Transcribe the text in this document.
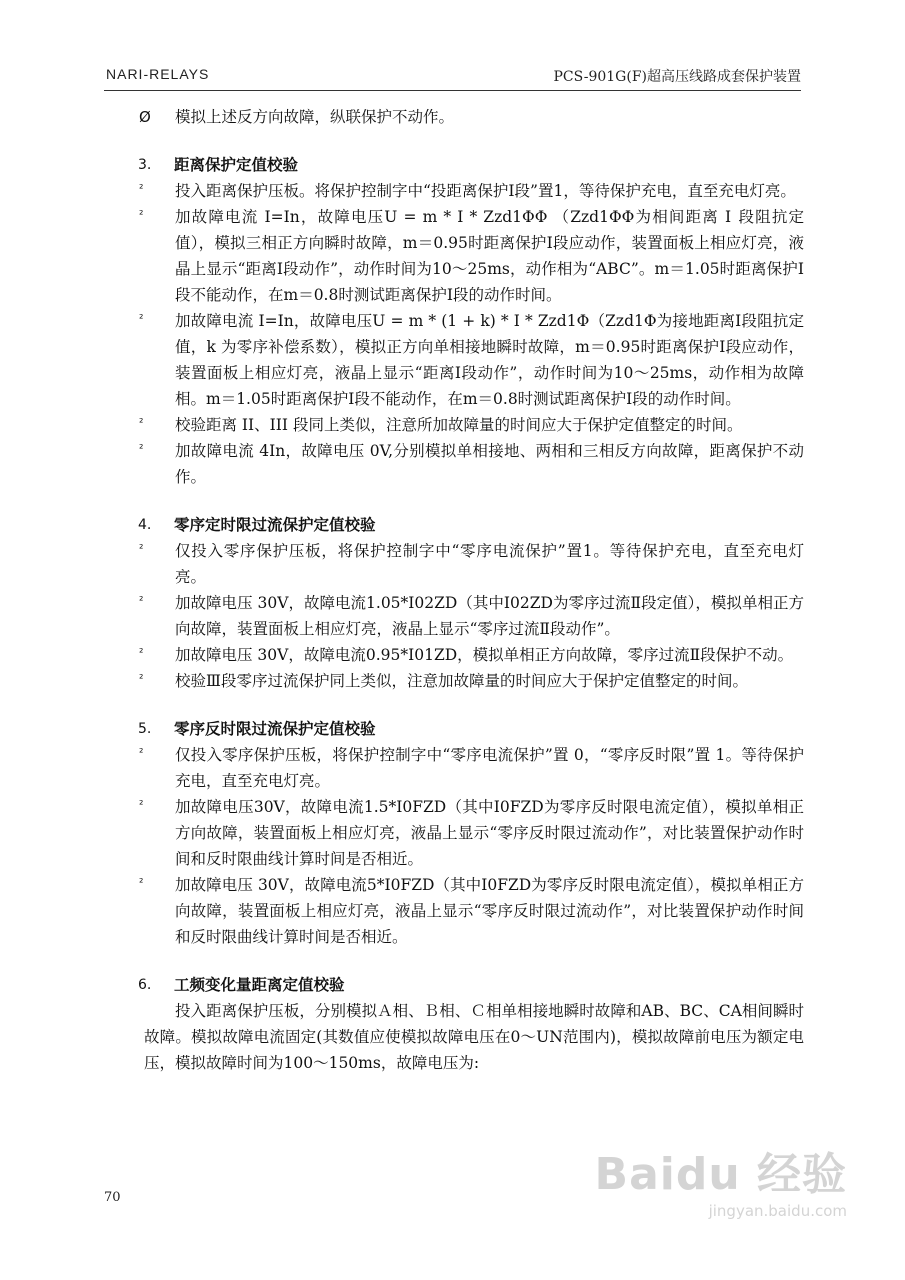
NARI-RELAYS	PCS-901G(F)超高压线路成套保护装置
Ø	模拟上述反方向故障，纵联保护不动作。
3.	距离保护定值校验
²	投入距离保护压板。将保护控制字中“投距离保护Ⅰ段”置1，等待保护充电，直至充电灯亮。
²	加故障电流 I=In，故障电压U = m * I * Zzd1ΦΦ （Zzd1ΦΦ为相间距离 Ⅰ 段阻抗定值），模拟三相正方向瞬时故障，m＝0.95时距离保护Ⅰ段应动作，装置面板上相应灯亮，液晶上显示“距离Ⅰ段动作”，动作时间为10～25ms，动作相为“ABC”。m＝1.05时距离保护Ⅰ段不能动作，在m＝0.8时测试距离保护Ⅰ段的动作时间。
²	加故障电流 I=In，故障电压U = m * (1 + k) * I * Zzd1Φ（Zzd1Φ为接地距离Ⅰ段阻抗定值，k 为零序补偿系数），模拟正方向单相接地瞬时故障，m＝0.95时距离保护Ⅰ段应动作，装置面板上相应灯亮，液晶上显示“距离Ⅰ段动作”，动作时间为10～25ms，动作相为故障相。m＝1.05时距离保护Ⅰ段不能动作，在m＝0.8时测试距离保护Ⅰ段的动作时间。
²	校验距离 II、III 段同上类似，注意所加故障量的时间应大于保护定值整定的时间。
²	加故障电流 4In，故障电压 0V,分别模拟单相接地、两相和三相反方向故障，距离保护不动作。
4.	零序定时限过流保护定值校验
²	仅投入零序保护压板，将保护控制字中“零序电流保护”置1。等待保护充电，直至充电灯亮。
²	加故障电压 30V，故障电流1.05*I02ZD（其中I02ZD为零序过流Ⅱ段定值），模拟单相正方向故障，装置面板上相应灯亮，液晶上显示“零序过流Ⅱ段动作”。
²	加故障电压 30V，故障电流0.95*I01ZD，模拟单相正方向故障，零序过流Ⅱ段保护不动。
²	校验Ⅲ段零序过流保护同上类似，注意加故障量的时间应大于保护定值整定的时间。
5.	零序反时限过流保护定值校验
²	仅投入零序保护压板，将保护控制字中“零序电流保护”置 0，“零序反时限”置 1。等待保护充电，直至充电灯亮。
²	加故障电压30V，故障电流1.5*I0FZD（其中I0FZD为零序反时限电流定值），模拟单相正方向故障，装置面板上相应灯亮，液晶上显示“零序反时限过流动作”，对比装置保护动作时间和反时限曲线计算时间是否相近。
²	加故障电压 30V，故障电流5*I0FZD（其中I0FZD为零序反时限电流定值），模拟单相正方向故障，装置面板上相应灯亮，液晶上显示“零序反时限过流动作”，对比装置保护动作时间和反时限曲线计算时间是否相近。
6.	工频变化量距离定值校验
投入距离保护压板，分别模拟Ａ相、Ｂ相、Ｃ相单相接地瞬时故障和AB、BC、CA相间瞬时故障。模拟故障电流固定(其数值应使模拟故障电压在0～UN范围内)，模拟故障前电压为额定电压，模拟故障时间为100～150ms，故障电压为:
70	Baidu 经验
jingyan.baidu.com
